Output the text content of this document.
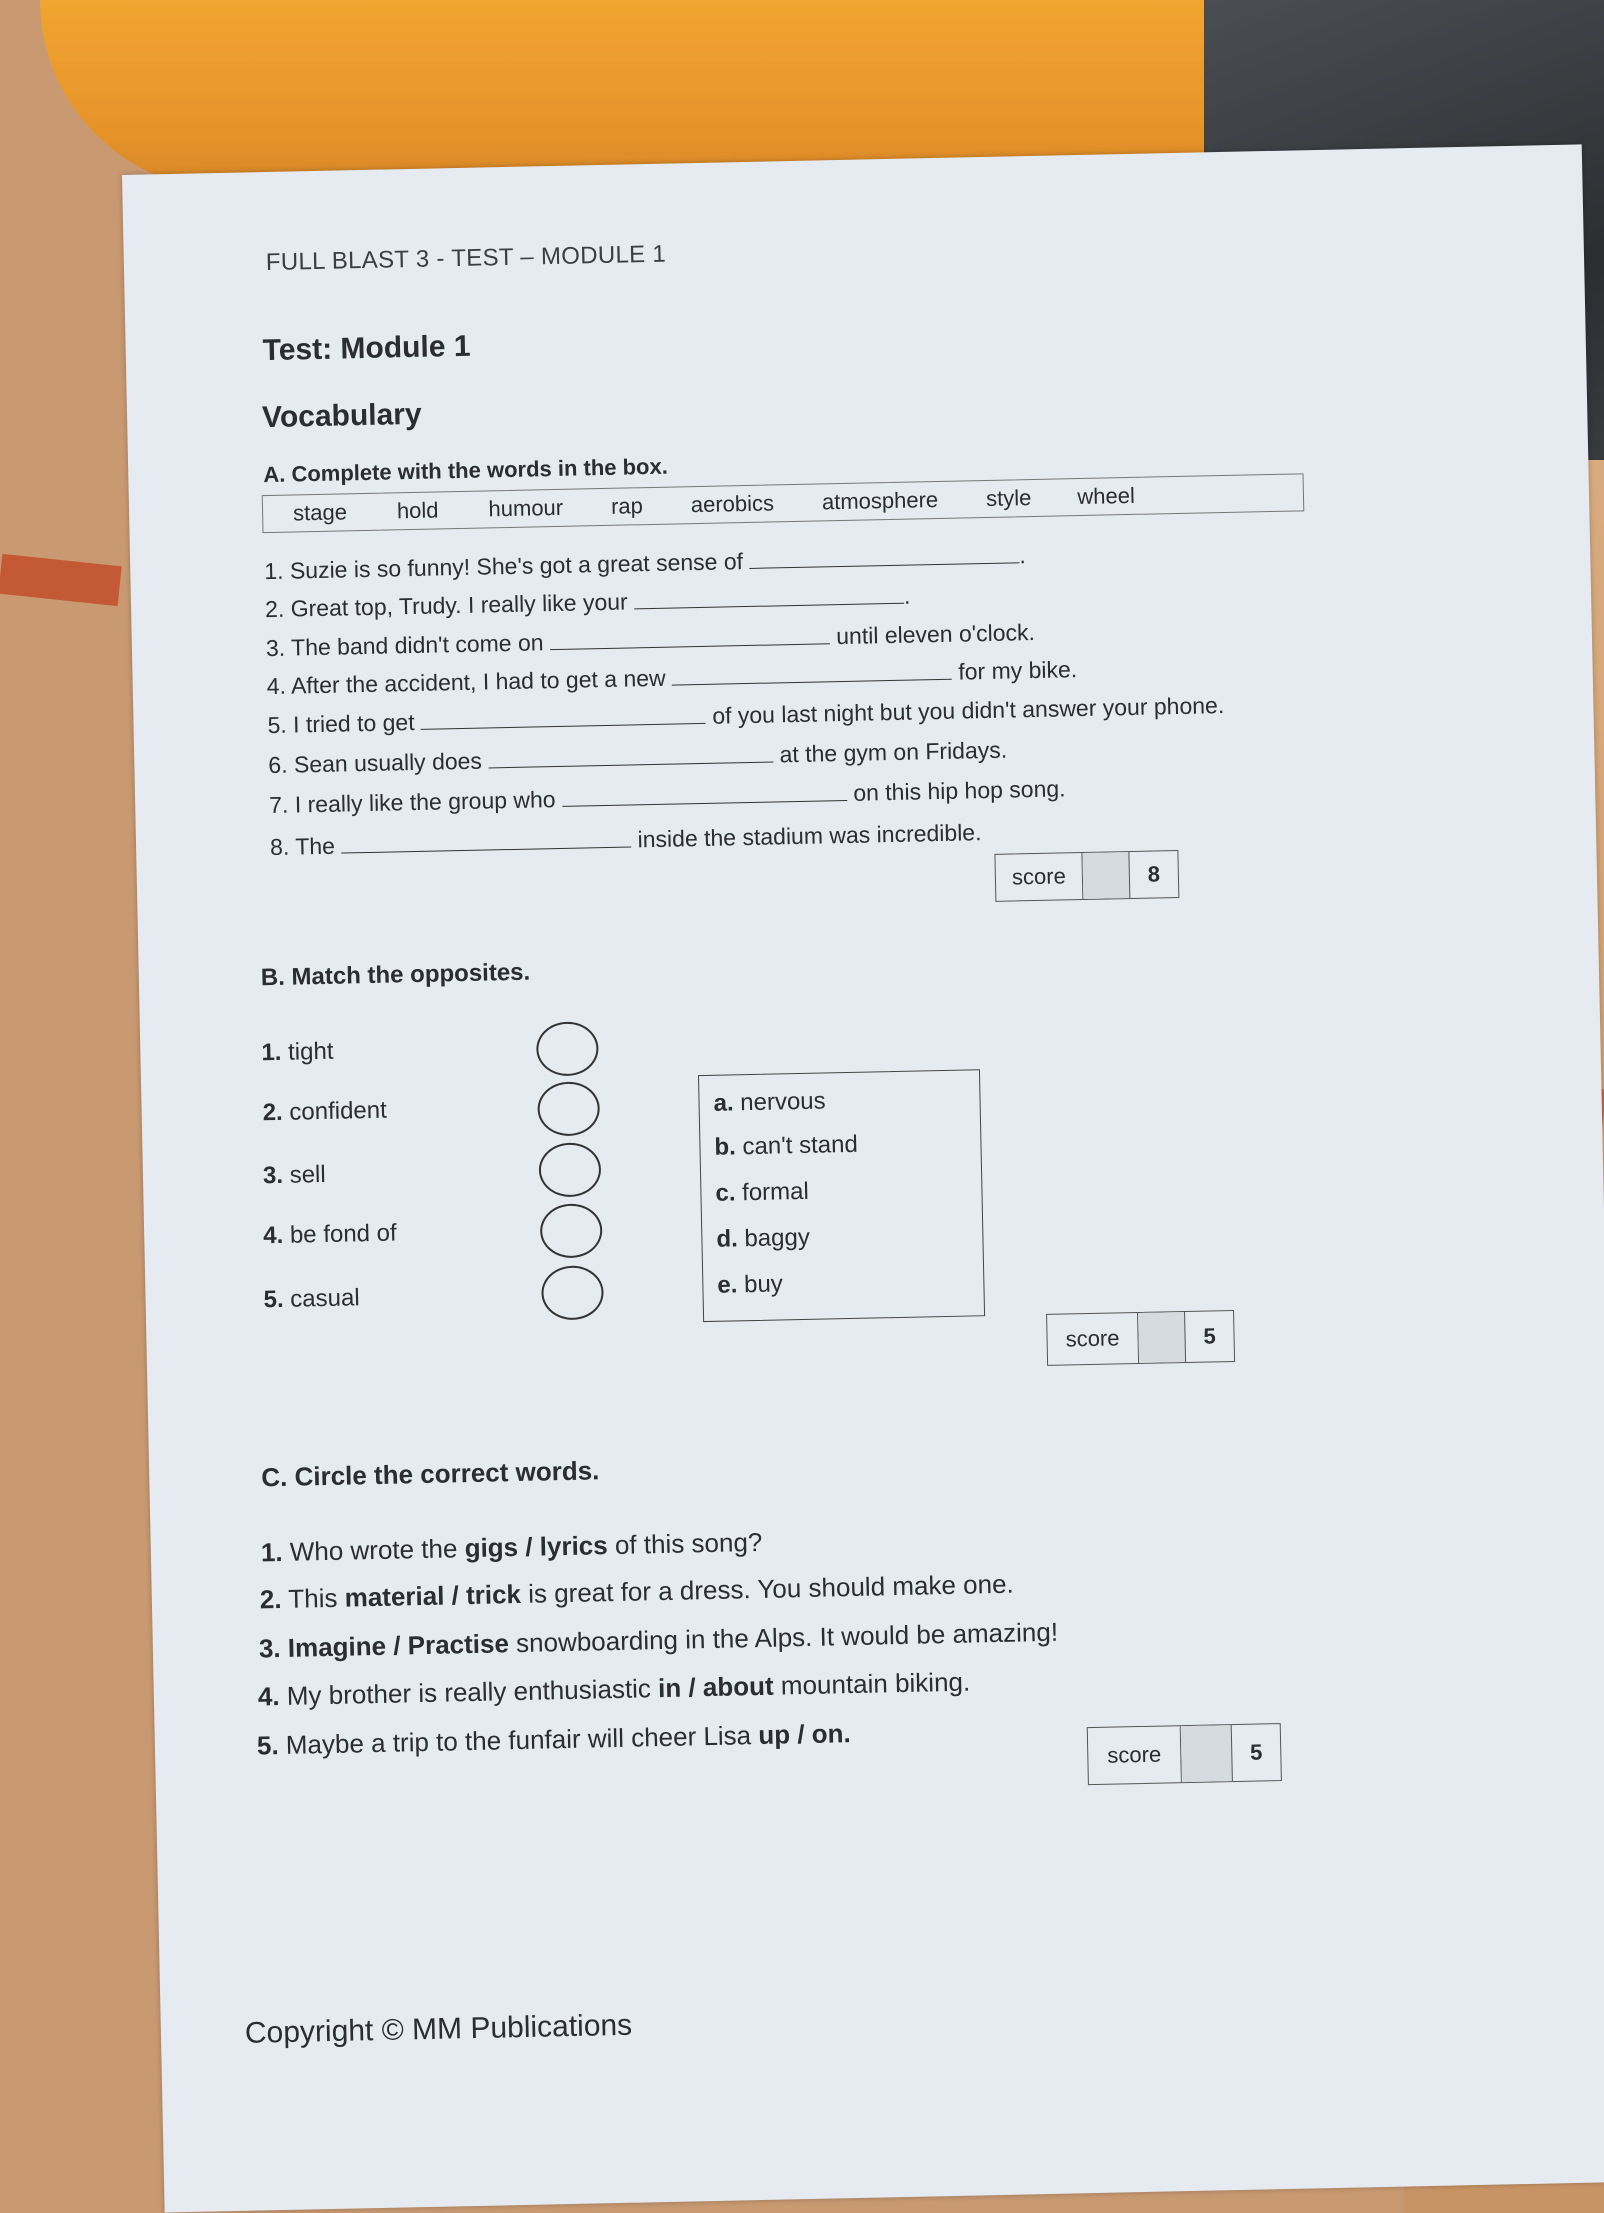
FULL BLAST 3 - TEST – MODULE 1
Test: Module 1
Vocabulary
A. Complete with the words in the box.
stage hold humour rap aerobics atmosphere style wheel
1. Suzie is so funny! She's got a great sense of	.
2. Great top, Trudy. I really like your	.
3. The band didn't come on	until eleven o'clock.
4. After the accident, I had to get a new	for my bike.
5. I tried to get	of you last night but you didn't answer your phone.
6. Sean usually does	at the gym on Fridays.
7. I really like the group who	on this hip hop song.
8. The	inside the stadium was incredible.
score	8
B. Match the opposites.
1. tight
2. confident
3. sell
4. be fond of
5. casual
a. nervous
b. can't stand
c. formal
d. baggy
e. buy
score	5
C. Circle the correct words.
1. Who wrote the gigs / lyrics of this song?
2. This material / trick is great for a dress. You should make one.
3. Imagine / Practise snowboarding in the Alps. It would be amazing!
4. My brother is really enthusiastic in / about mountain biking.
5. Maybe a trip to the funfair will cheer Lisa up / on.
score	5
Copyright © MM Publications
